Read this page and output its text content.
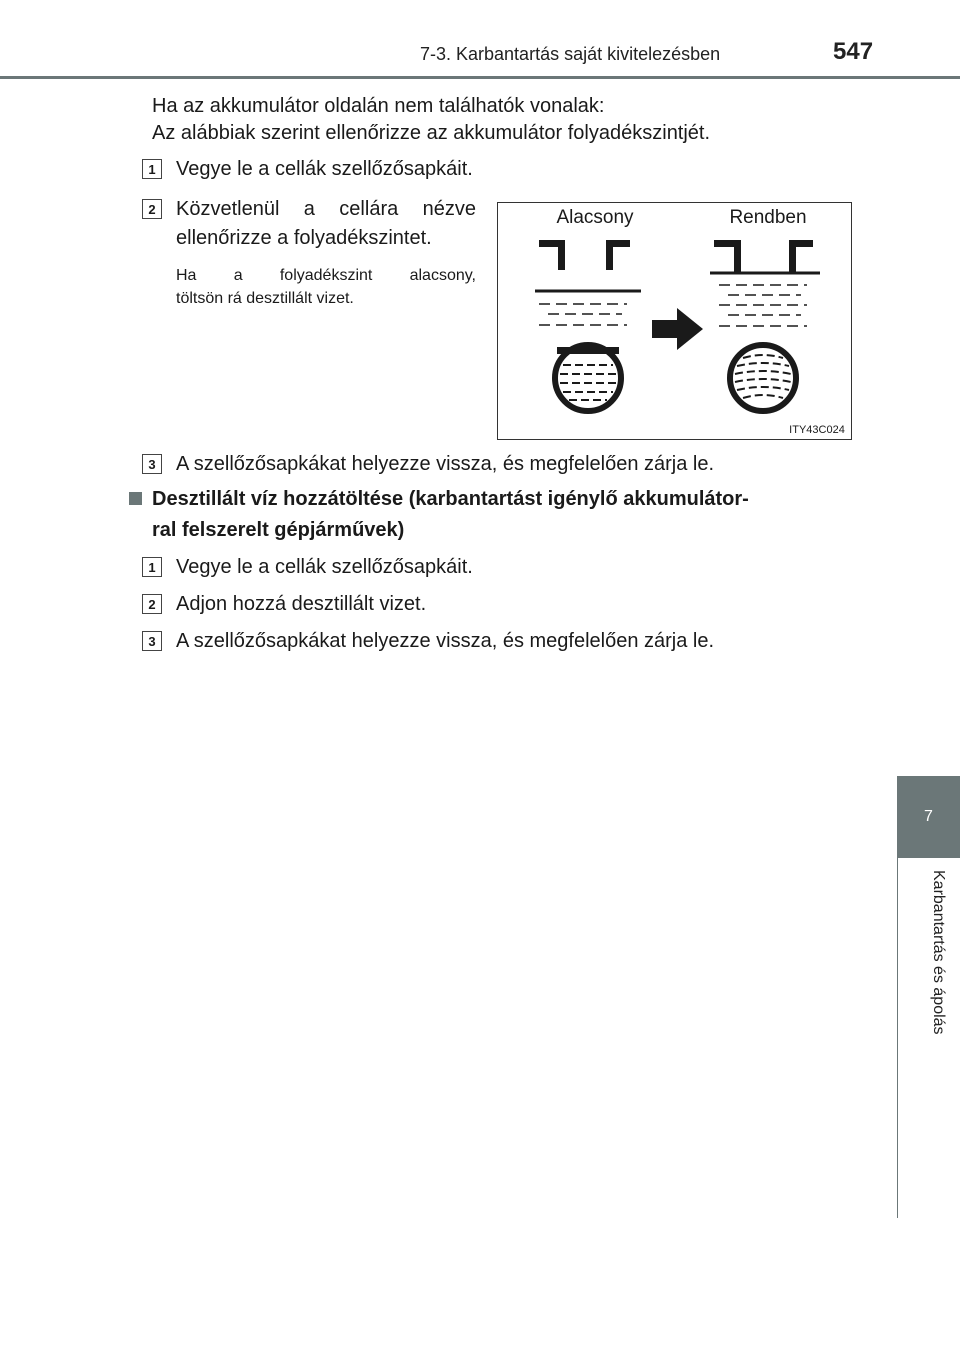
7-3. Karbantartás saját kivitelezésben	547
7
Karbantartás és ápolás
Ha az akkumulátor oldalán nem találhatók vonalak:
Az alábbiak szerint ellenőrizze az akkumulátor folyadékszintjét.
1	Vegye le a cellák szellőzősapkáit.
2	Közvetlenül a cellára nézve
ellenőrizze a folyadékszintet.
Ha a folyadékszint alacsony,
töltsön rá desztillált vizet.
Alacsony	Rendben
ITY43C024
3	A szellőzősapkákat helyezze vissza, és megfelelően zárja le.
Desztillált víz hozzátöltése (karbantartást igénylő akkumulátor-
ral felszerelt gépjárművek)
1	Vegye le a cellák szellőzősapkáit.
2	Adjon hozzá desztillált vizet.
3	A szellőzősapkákat helyezze vissza, és megfelelően zárja le.
